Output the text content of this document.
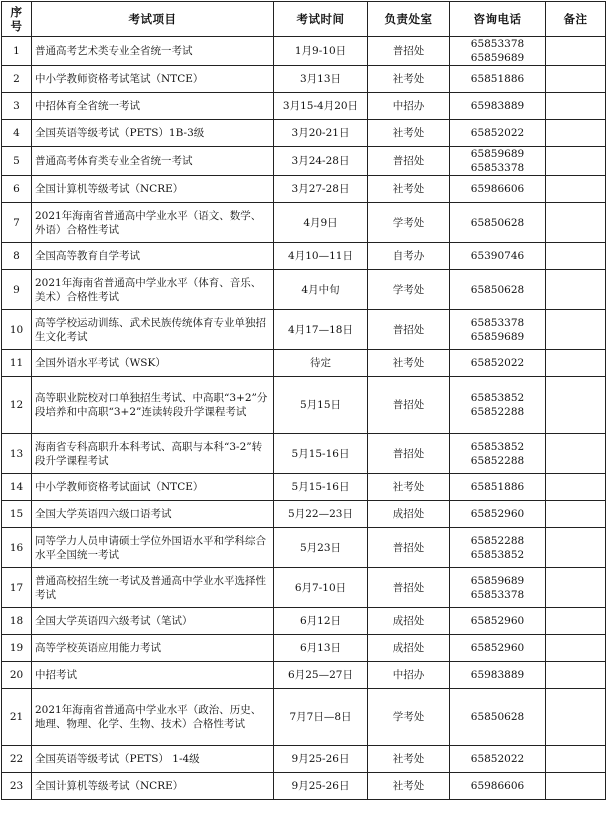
序号	考试项目	考试时间	负责处室	咨询电话	备注
1	普通高考艺术类专业全省统一考试	1月9-10日	普招处	65853378
65859689	

2	中小学教师资格考试笔试（NTCE）	3月13日	社考处	65851886	

3	中招体育全省统一考试	3月15-4月20日	中招办	65983889	

4	全国英语等级考试（PETS）1B-3级	3月20-21日	社考处	65852022	

5	普通高考体育类专业全省统一考试	3月24-28日	普招处	65859689
65853378	

6	全国计算机等级考试（NCRE）	3月27-28日	社考处	65986606	

7	2021年海南省普通高中学业水平（语文、数学、外语）合格性考试	4月9日	学考处	65850628	

8	全国高等教育自学考试	4月10—11日	自考办	65390746	

9	2021年海南省普通高中学业水平（体育、音乐、美术）合格性考试	4月中旬	学考处	65850628	

10	高等学校运动训练、武术民族传统体育专业单独招生文化考试	4月17—18日	普招处	65853378
65859689	

11	全国外语水平考试（WSK）	待定	社考处	65852022	

12	高等职业院校对口单独招生考试、中高职“3+2”分段培养和中高职“3+2”连读转段升学课程考试	5月15日	普招处	65853852
65852288	

13	海南省专科高职升本科考试、高职与本科“3-2”转段升学课程考试	5月15-16日	普招处	65853852
65852288	

14	中小学教师资格考试面试（NTCE）	5月15-16日	社考处	65851886	

15	全国大学英语四六级口语考试	5月22—23日	成招处	65852960	

16	同等学力人员申请硕士学位外国语水平和学科综合水平全国统一考试	5月23日	普招处	65852288
65853852	

17	普通高校招生统一考试及普通高中学业水平选择性考试	6月7-10日	普招处	65859689
65853378	

18	全国大学英语四六级考试（笔试）	6月12日	成招处	65852960	

19	高等学校英语应用能力考试	6月13日	成招处	65852960	

20	中招考试	6月25—27日	中招办	65983889	

21	2021年海南省普通高中学业水平（政治、历史、地理、物理、化学、生物、技术）合格性考试	7月7日—8日	学考处	65850628	

22	全国英语等级考试（PETS） 1-4级	9月25-26日	社考处	65852022	

23	全国计算机等级考试（NCRE）	9月25-26日	社考处	65986606	
